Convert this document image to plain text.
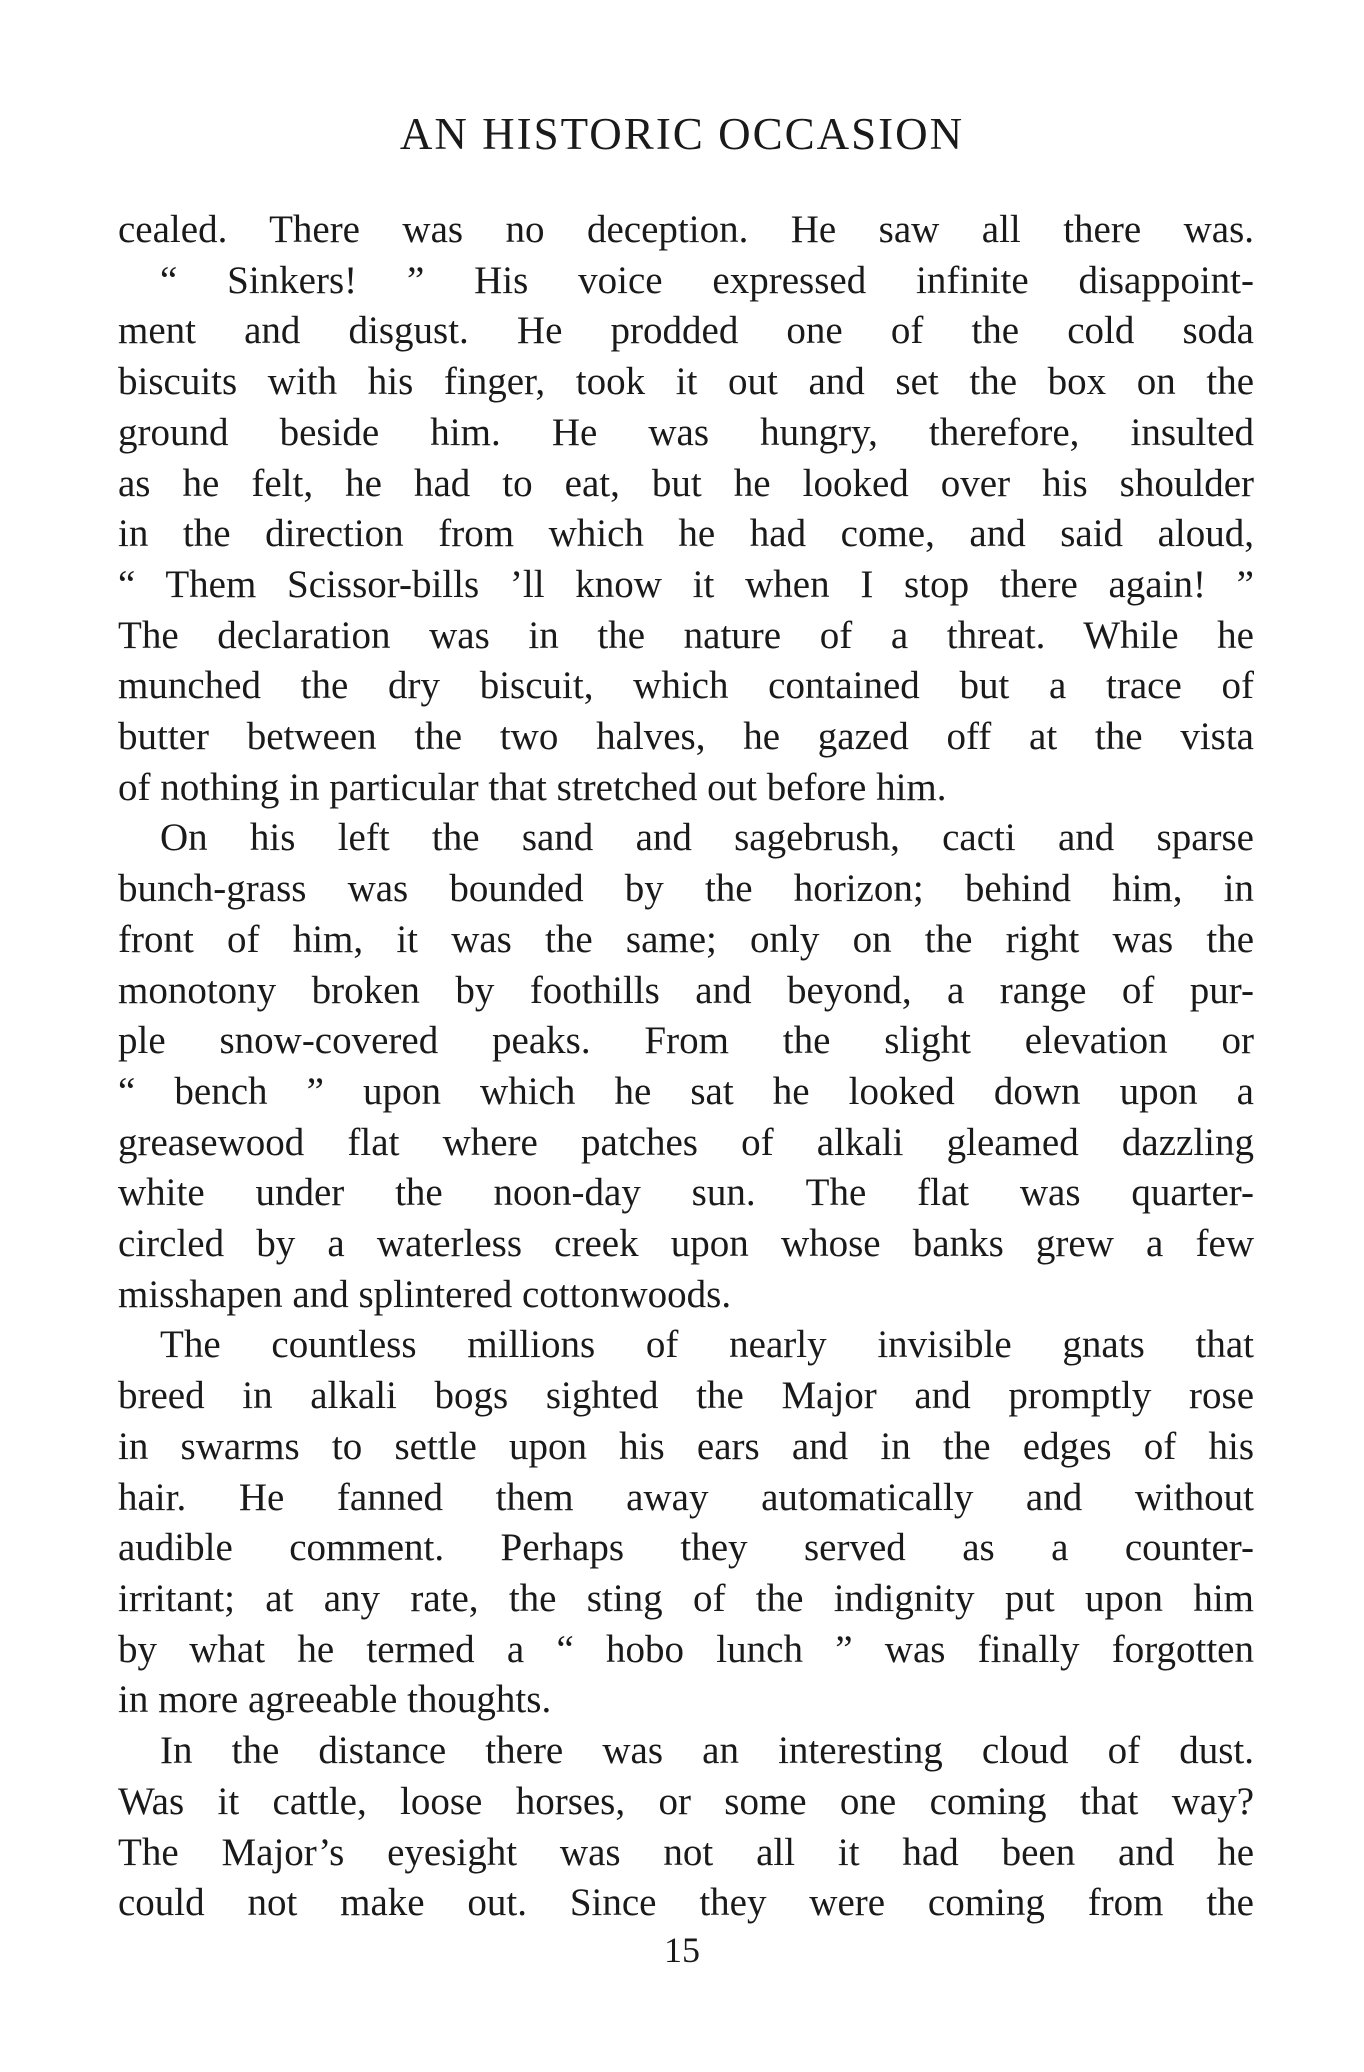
AN HISTORIC OCCASION
cealed. There was no deception. He saw all there was.
“ Sinkers! ” His voice expressed infinite disappoint-
ment and disgust. He prodded one of the cold soda
biscuits with his finger, took it out and set the box on the
ground beside him. He was hungry, therefore, insulted
as he felt, he had to eat, but he looked over his shoulder
in the direction from which he had come, and said aloud,
“ Them Scissor-bills ’ll know it when I stop there again! ”
The declaration was in the nature of a threat. While he
munched the dry biscuit, which contained but a trace of
butter between the two halves, he gazed off at the vista
of nothing in particular that stretched out before him.
On his left the sand and sagebrush, cacti and sparse
bunch-grass was bounded by the horizon; behind him, in
front of him, it was the same; only on the right was the
monotony broken by foothills and beyond, a range of pur-
ple snow-covered peaks. From the slight elevation or
“ bench ” upon which he sat he looked down upon a
greasewood flat where patches of alkali gleamed dazzling
white under the noon-day sun. The flat was quarter-
circled by a waterless creek upon whose banks grew a few
misshapen and splintered cottonwoods.
The countless millions of nearly invisible gnats that
breed in alkali bogs sighted the Major and promptly rose
in swarms to settle upon his ears and in the edges of his
hair. He fanned them away automatically and without
audible comment. Perhaps they served as a counter-
irritant; at any rate, the sting of the indignity put upon him
by what he termed a “ hobo lunch ” was finally forgotten
in more agreeable thoughts.
In the distance there was an interesting cloud of dust.
Was it cattle, loose horses, or some one coming that way?
The Major’s eyesight was not all it had been and he
could not make out. Since they were coming from the
15
